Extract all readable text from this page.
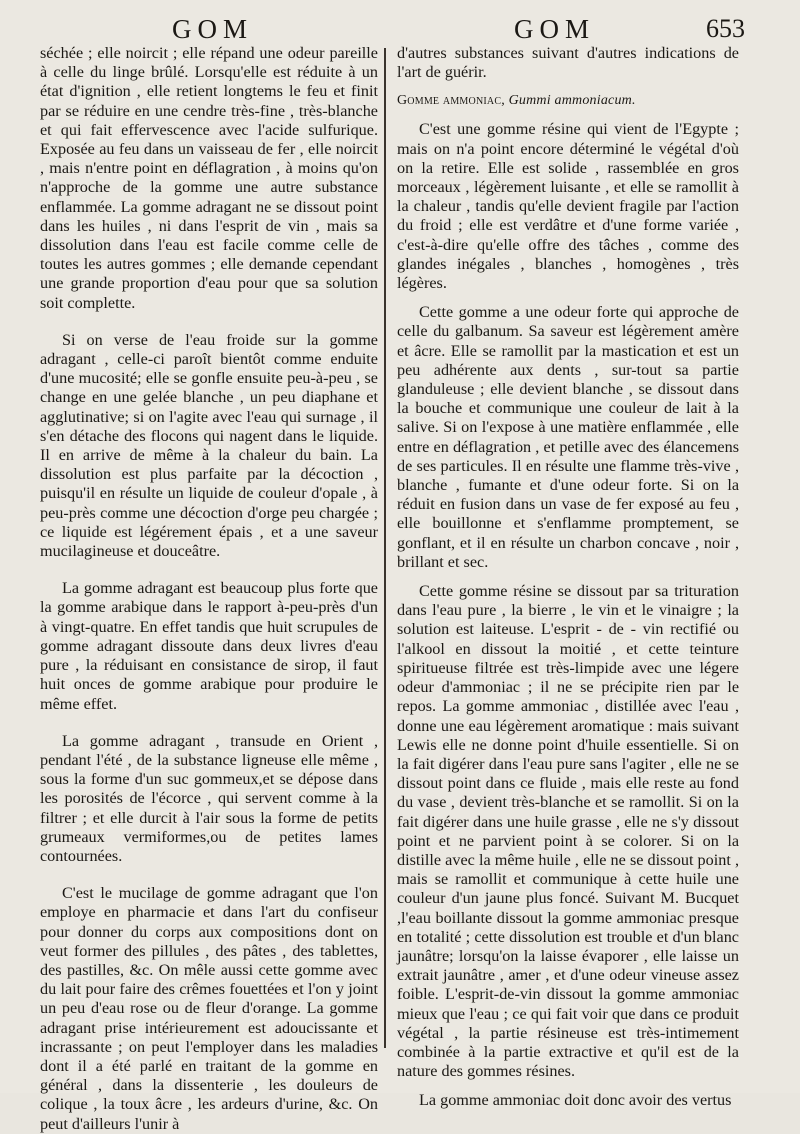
GOM	GOM	653

séchée ; elle noircit ; elle répand une odeur pareille à celle du linge brûlé. Lorsqu'elle est réduite à un état d'ignition , elle retient longtems le feu et finit par se réduire en une cendre très-fine , très-blanche et qui fait effervescence avec l'acide sulfurique. Exposée au feu dans un vaisseau de fer , elle noircit , mais n'entre point en déflagration , à moins qu'on n'approche de la gomme une autre substance enflammée. La gomme adragant ne se dissout point dans les huiles , ni dans l'esprit de vin , mais sa dissolution dans l'eau est facile comme celle de toutes les autres gommes ; elle demande cependant une grande proportion d'eau pour que sa solution soit complette.

Si on verse de l'eau froide sur la gomme adragant , celle-ci paroît bientôt comme enduite d'une mucosité; elle se gonfle ensuite peu-à-peu , se change en une gelée blanche , un peu diaphane et agglutinative; si on l'agite avec l'eau qui surnage , il s'en détache des flocons qui nagent dans le liquide. Il en arrive de même à la chaleur du bain. La dissolution est plus parfaite par la décoction , puisqu'il en résulte un liquide de couleur d'opale , à peu-près comme une décoction d'orge peu chargée ; ce liquide est légérement épais , et a une saveur mucilagineuse et douceâtre.

La gomme adragant est beaucoup plus forte que la gomme arabique dans le rapport à-peu-près d'un à vingt-quatre. En effet tandis que huit scrupules de gomme adragant dissoute dans deux livres d'eau pure , la réduisant en consistance de sirop, il faut huit onces de gomme arabique pour produire le même effet.

La gomme adragant , transude en Orient , pendant l'été , de la substance ligneuse elle même , sous la forme d'un suc gommeux,et se dépose dans les porosités de l'écorce , qui servent comme à la filtrer ; et elle durcit à l'air sous la forme de petits grumeaux vermiformes,ou de petites lames contournées.

C'est le mucilage de gomme adragant que l'on employe en pharmacie et dans l'art du confiseur pour donner du corps aux compositions dont on veut former des pillules , des pâtes , des tablettes, des pastilles, &c. On mêle aussi cette gomme avec du lait pour faire des crêmes fouettées et l'on y joint un peu d'eau rose ou de fleur d'orange. La gomme adragant prise intérieurement est adoucissante et incrassante ; on peut l'employer dans les maladies dont il a été parlé en traitant de la gomme en général , dans la dissenterie , les douleurs de colique , la toux âcre , les ardeurs d'urine, &c. On peut d'ailleurs l'unir à

d'autres substances suivant d'autres indications de l'art de guérir.

Gomme ammoniac, Gummi ammoniacum.

C'est une gomme résine qui vient de l'Egypte ; mais on n'a point encore déterminé le végétal d'où on la retire. Elle est solide , rassemblée en gros morceaux , légèrement luisante , et elle se ramollit à la chaleur , tandis qu'elle devient fragile par l'action du froid ; elle est verdâtre et d'une forme variée , c'est-à-dire qu'elle offre des tâches , comme des glandes inégales , blanches , homogènes , très légères.

Cette gomme a une odeur forte qui approche de celle du galbanum. Sa saveur est légèrement amère et âcre. Elle se ramollit par la mastication et est un peu adhérente aux dents , sur-tout sa partie glanduleuse ; elle devient blanche , se dissout dans la bouche et communique une couleur de lait à la salive. Si on l'expose à une matière enflammée , elle entre en déflagration , et petille avec des élancemens de ses particules. Il en résulte une flamme très-vive , blanche , fumante et d'une odeur forte. Si on la réduit en fusion dans un vase de fer exposé au feu , elle bouillonne et s'enflamme promptement, se gonflant, et il en résulte un charbon concave , noir , brillant et sec.

Cette gomme résine se dissout par sa trituration dans l'eau pure , la bierre , le vin et le vinaigre ; la solution est laiteuse. L'esprit - de - vin rectifié ou l'alkool en dissout la moitié , et cette teinture spiritueuse filtrée est très-limpide avec une légere odeur d'ammoniac ; il ne se précipite rien par le repos. La gomme ammoniac , distillée avec l'eau , donne une eau légèrement aromatique : mais suivant Lewis elle ne donne point d'huile essentielle. Si on la fait digérer dans l'eau pure sans l'agiter , elle ne se dissout point dans ce fluide , mais elle reste au fond du vase , devient très-blanche et se ramollit. Si on la fait digérer dans une huile grasse , elle ne s'y dissout point et ne parvient point à se colorer. Si on la distille avec la même huile , elle ne se dissout point , mais se ramollit et communique à cette huile une couleur d'un jaune plus foncé. Suivant M. Bucquet ,l'eau boillante dissout la gomme ammoniac presque en totalité ; cette dissolution est trouble et d'un blanc jaunâtre; lorsqu'on la laisse évaporer , elle laisse un extrait jaunâtre , amer , et d'une odeur vineuse assez foible. L'esprit-de-vin dissout la gomme ammoniac mieux que l'eau ; ce qui fait voir que dans ce produit végétal , la partie résineuse est très-intimement combinée à la partie extractive et qu'il est de la nature des gommes résines.

La gomme ammoniac doit donc avoir des vertus
